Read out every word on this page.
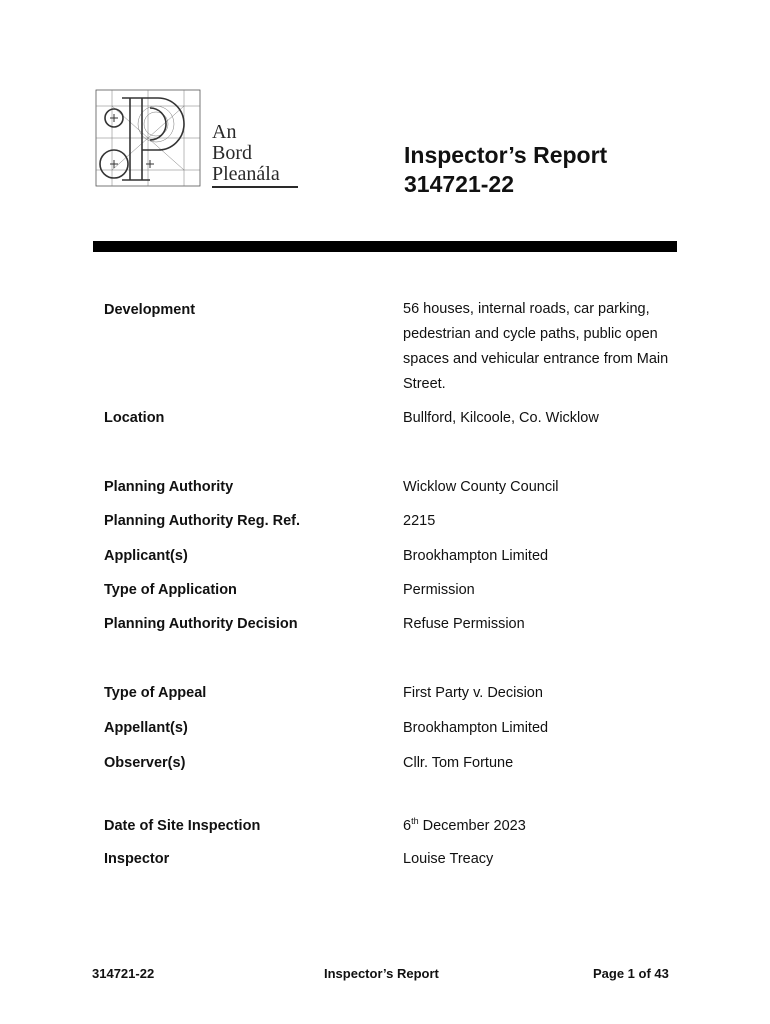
An
Bord
Pleanála
Inspector’s Report
314721-22
Development	56 houses, internal roads, car parking, pedestrian and cycle paths, public open spaces and vehicular entrance from Main Street.
Location	Bullford, Kilcoole, Co. Wicklow
Planning Authority	Wicklow County Council
Planning Authority Reg. Ref.	2215
Applicant(s)	Brookhampton Limited
Type of Application	Permission
Planning Authority Decision	Refuse Permission
Type of Appeal	First Party v. Decision
Appellant(s)	Brookhampton Limited
Observer(s)	Cllr. Tom Fortune
Date of Site Inspection	6th December 2023
Inspector	Louise Treacy
314721-22	Inspector’s Report	Page 1 of 43
